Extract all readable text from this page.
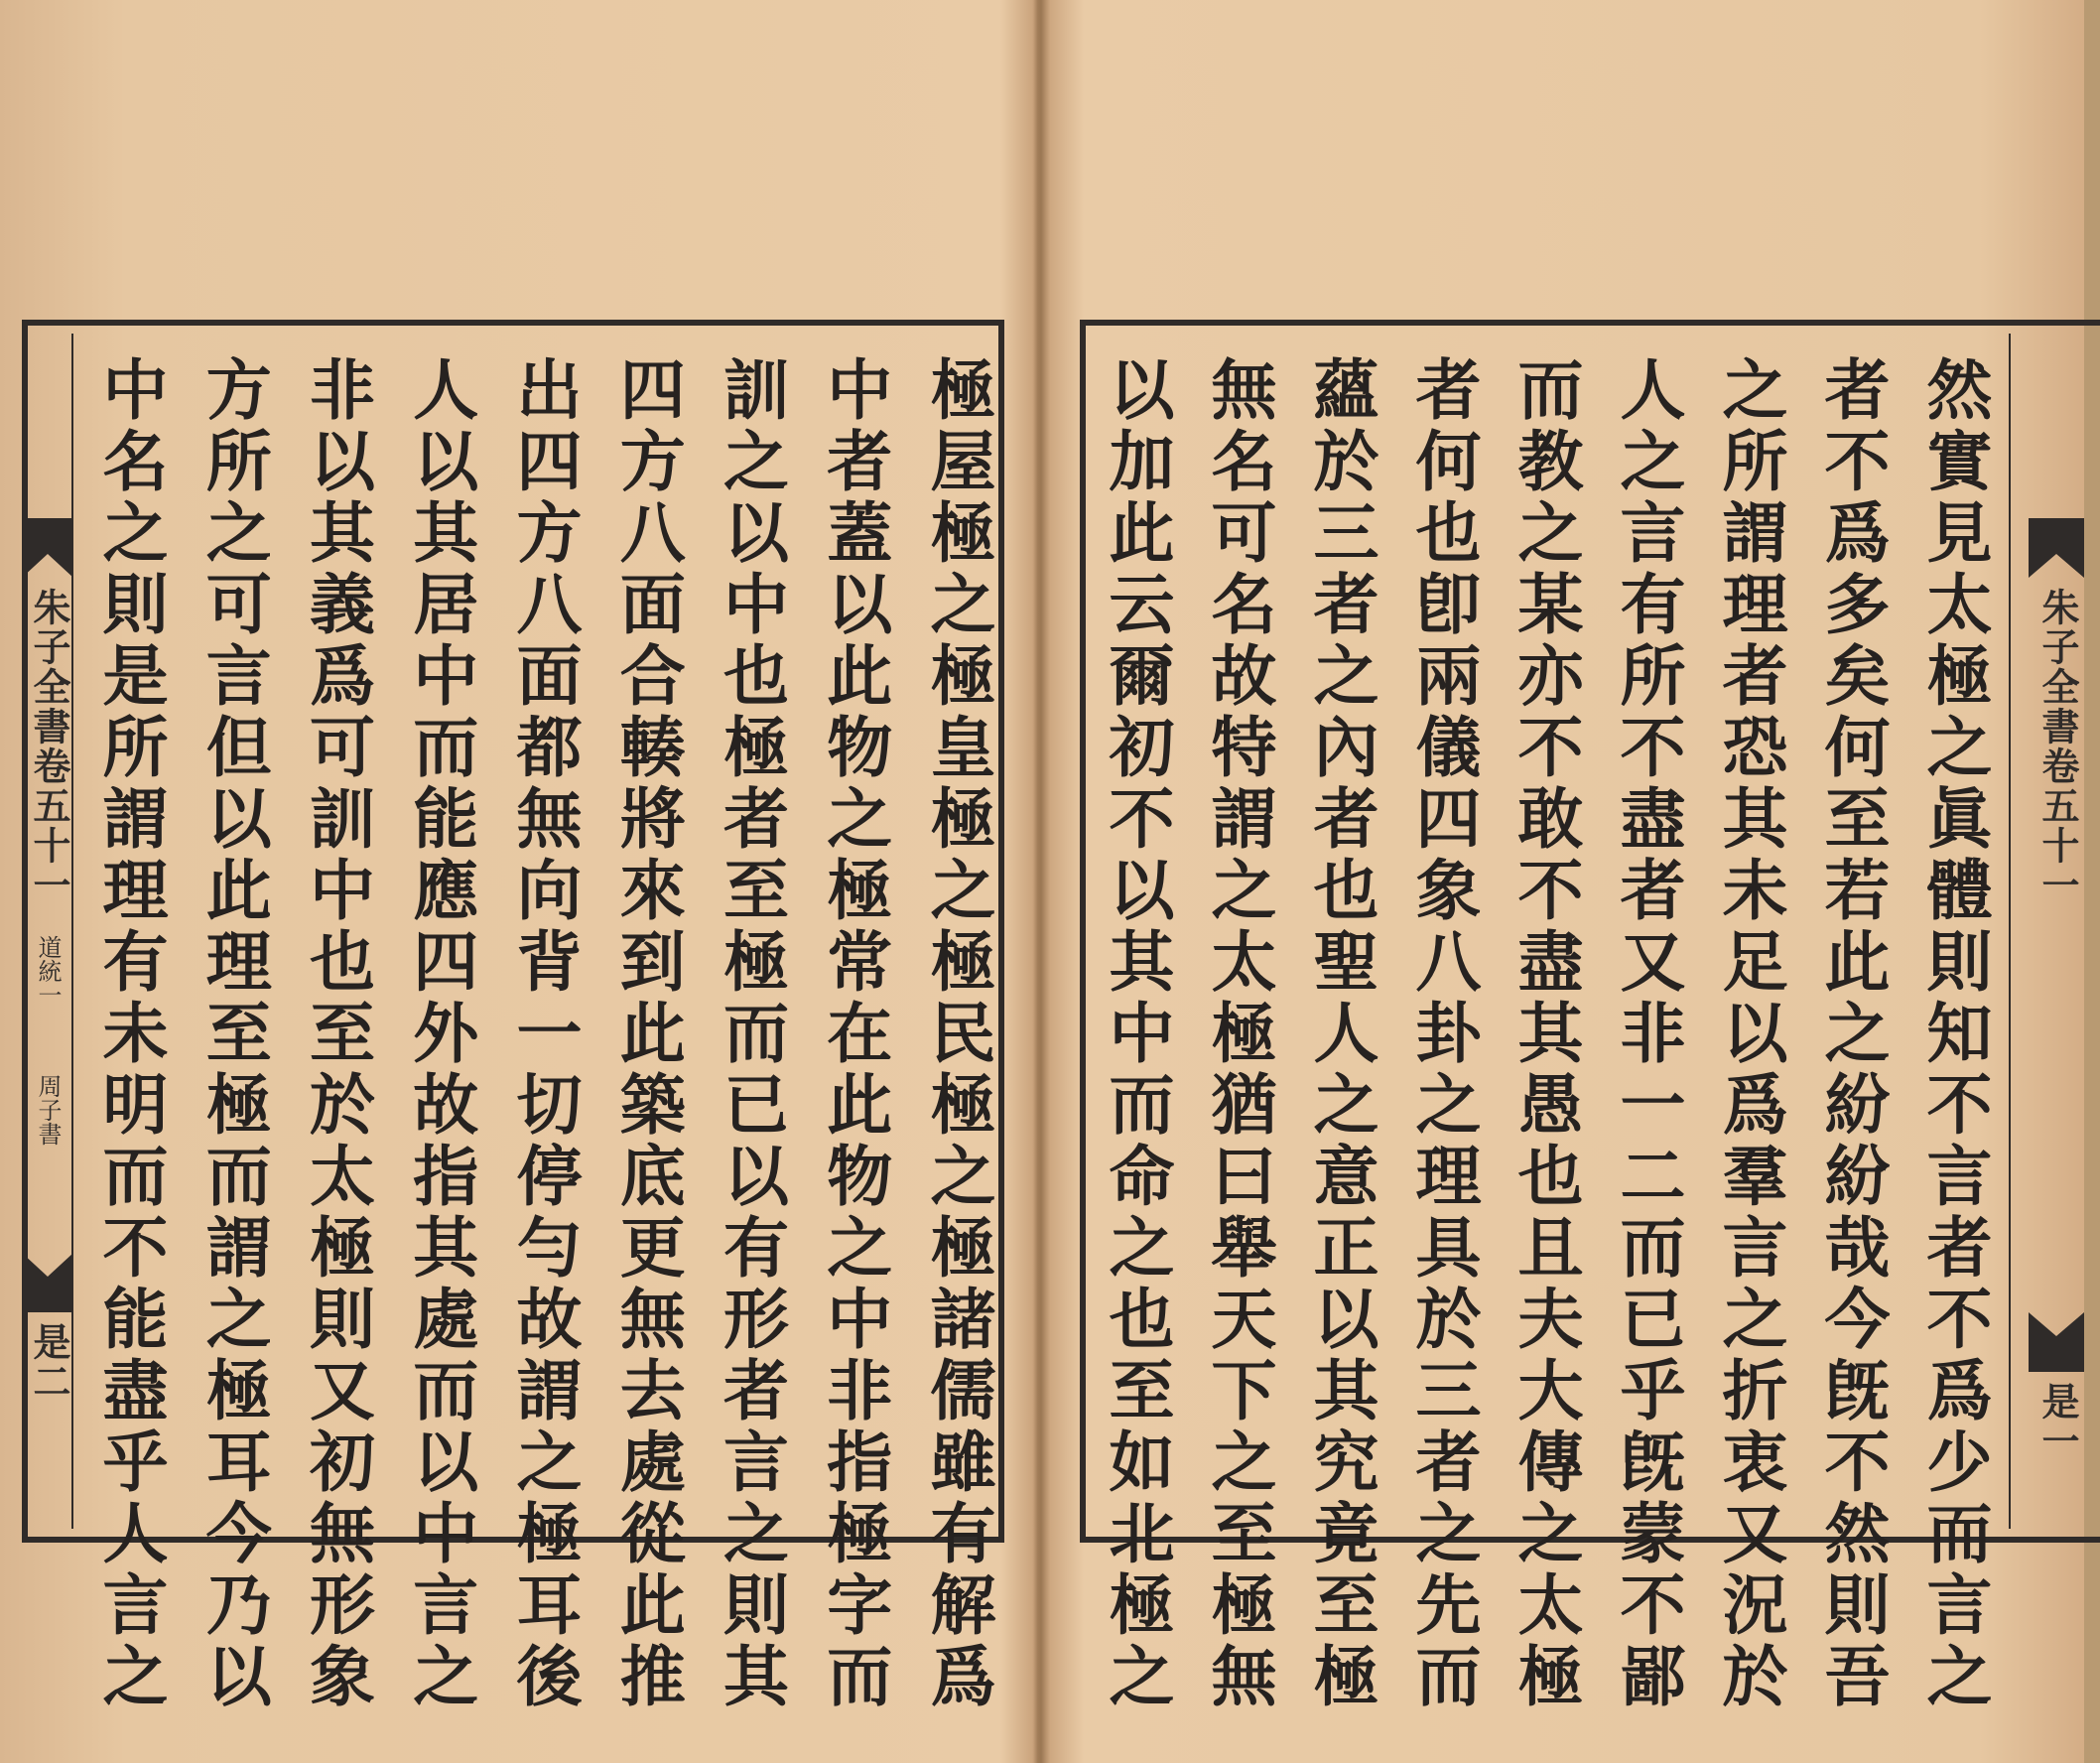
極屋極之極皇極之極民極之極諸儒雖有解爲
中者蓋以此物之極常在此物之中非指極字而
訓之以中也極者至極而已以有形者言之則其
四方八面合輳將來到此築底更無去處從此推
出四方八面都無向背一切停勻故謂之極耳後
人以其居中而能應四外故指其處而以中言之
非以其義爲可訓中也至於太極則又初無形象
方所之可言但以此理至極而謂之極耳今乃以
中名之則是所謂理有未明而不能盡乎人言之
朱子全書卷五十一
道統一
周子書
是二	然實見太極之眞體則知不言者不爲少而言之
者不爲多矣何至若此之紛紛哉今旣不然則吾
之所謂理者恐其未足以爲羣言之折衷又況於
人之言有所不盡者又非一二而已乎旣蒙不鄙
而教之某亦不敢不盡其愚也且夫大傳之太極
者何也卽兩儀四象八卦之理具於三者之先而
蘊於三者之內者也聖人之意正以其究竟至極
無名可名故特謂之太極猶曰舉天下之至極無
以加此云爾初不以其中而命之也至如北極之	朱子全書卷五十一
是一
